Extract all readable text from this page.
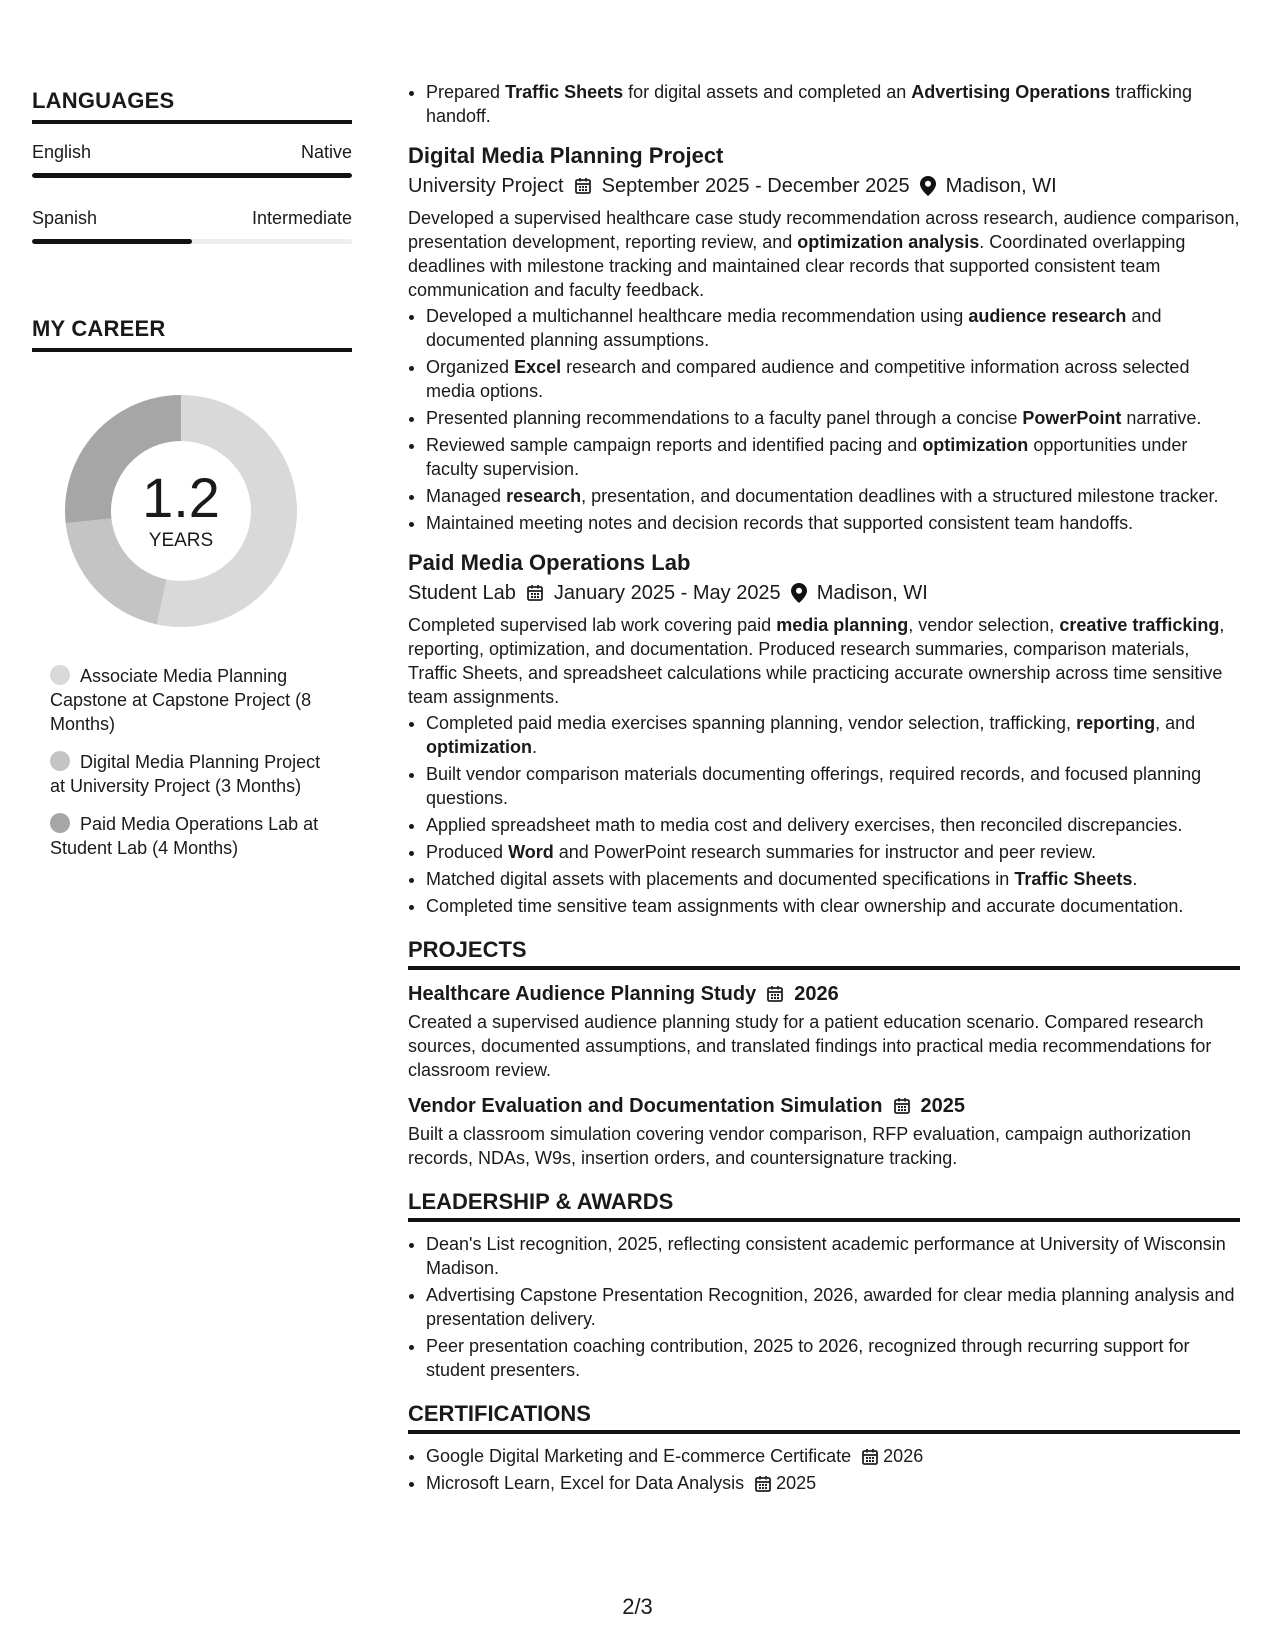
LANGUAGES
English	Native
Spanish	Intermediate
MY CAREER
1.2
YEARS
Associate Media Planning Capstone at Capstone Project (8 Months)
Digital Media Planning Project at University Project (3 Months)
Paid Media Operations Lab at Student Lab (4 Months)
• Prepared Traffic Sheets for digital assets and completed an Advertising Operations trafficking handoff.
Digital Media Planning Project
University Project September 2025 - December 2025 Madison, WI
Developed a supervised healthcare case study recommendation across research, audience comparison, presentation development, reporting review, and optimization analysis. Coordinated overlapping deadlines with milestone tracking and maintained clear records that supported consistent team communication and faculty feedback.
• Developed a multichannel healthcare media recommendation using audience research and documented planning assumptions.
• Organized Excel research and compared audience and competitive information across selected media options.
• Presented planning recommendations to a faculty panel through a concise PowerPoint narrative.
• Reviewed sample campaign reports and identified pacing and optimization opportunities under faculty supervision.
• Managed research, presentation, and documentation deadlines with a structured milestone tracker.
• Maintained meeting notes and decision records that supported consistent team handoffs.
Paid Media Operations Lab
Student Lab January 2025 - May 2025 Madison, WI
Completed supervised lab work covering paid media planning, vendor selection, creative trafficking, reporting, optimization, and documentation. Produced research summaries, comparison materials, Traffic Sheets, and spreadsheet calculations while practicing accurate ownership across time sensitive team assignments.
• Completed paid media exercises spanning planning, vendor selection, trafficking, reporting, and optimization.
• Built vendor comparison materials documenting offerings, required records, and focused planning questions.
• Applied spreadsheet math to media cost and delivery exercises, then reconciled discrepancies.
• Produced Word and PowerPoint research summaries for instructor and peer review.
• Matched digital assets with placements and documented specifications in Traffic Sheets.
• Completed time sensitive team assignments with clear ownership and accurate documentation.
PROJECTS
Healthcare Audience Planning Study 2026
Created a supervised audience planning study for a patient education scenario. Compared research sources, documented assumptions, and translated findings into practical media recommendations for classroom review.
Vendor Evaluation and Documentation Simulation 2025
Built a classroom simulation covering vendor comparison, RFP evaluation, campaign authorization records, NDAs, W9s, insertion orders, and countersignature tracking.
LEADERSHIP & AWARDS
• Dean's List recognition, 2025, reflecting consistent academic performance at University of Wisconsin Madison.
• Advertising Capstone Presentation Recognition, 2026, awarded for clear media planning analysis and presentation delivery.
• Peer presentation coaching contribution, 2025 to 2026, recognized through recurring support for student presenters.
CERTIFICATIONS
• Google Digital Marketing and E-commerce Certificate 2026
• Microsoft Learn, Excel for Data Analysis 2025
2/3
